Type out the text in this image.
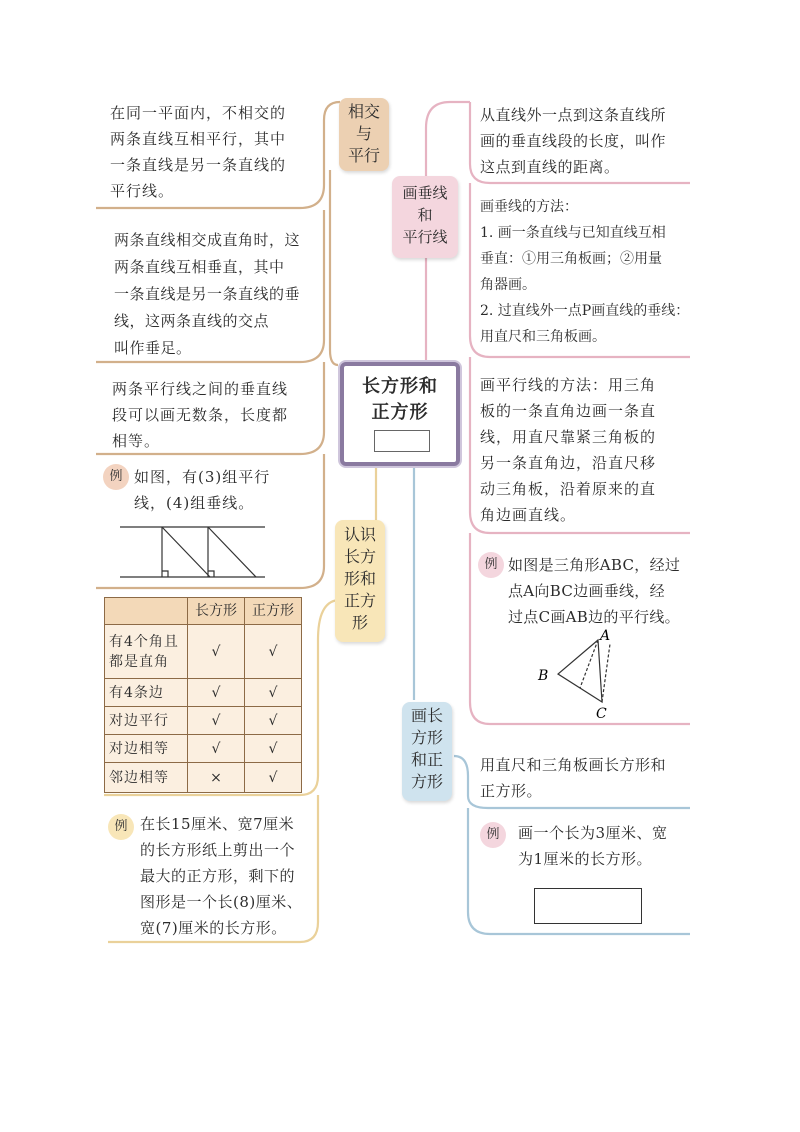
长方形和
正方形
相交
与
平行
画垂线
和
平行线
认识
长方
形和
正方
形
画长
方形
和正
方形
在同一平面内，不相交的
两条直线互相平行，其中
一条直线是另一条直线的
平行线。
两条直线相交成直角时，这
两条直线互相垂直，其中
一条直线是另一条直线的垂
线，这两条直线的交点
叫作垂足。
两条平行线之间的垂直线
段可以画无数条，长度都
相等。
例 如图，有(3)组平行
线，(4)组垂线。
	长方形	正方形

有4个角且
都是直角	√	√
有4条边	√	√
对边平行	√	√
对边相等	√	√
邻边相等	×	√
例 在长15厘米、宽7厘米
的长方形纸上剪出一个
最大的正方形，剩下的
图形是一个长(8)厘米、
宽(7)厘米的长方形。
从直线外一点到这条直线所
画的垂直线段的长度，叫作
这点到直线的距离。
画垂线的方法：
1. 画一条直线与已知直线互相
垂直：①用三角板画；②用量
角器画。
2. 过直线外一点P画直线的垂线：
用直尺和三角板画。
画平行线的方法：用三角
板的一条直角边画一条直
线，用直尺靠紧三角板的
另一条直角边，沿直尺移
动三角板，沿着原来的直
角边画直线。
例 如图是三角形ABC，经过
点A向BC边画垂线，经
过点C画AB边的平行线。
A
B
C
用直尺和三角板画长方形和
正方形。
例	画一个长为3厘米、宽
为1厘米的长方形。
